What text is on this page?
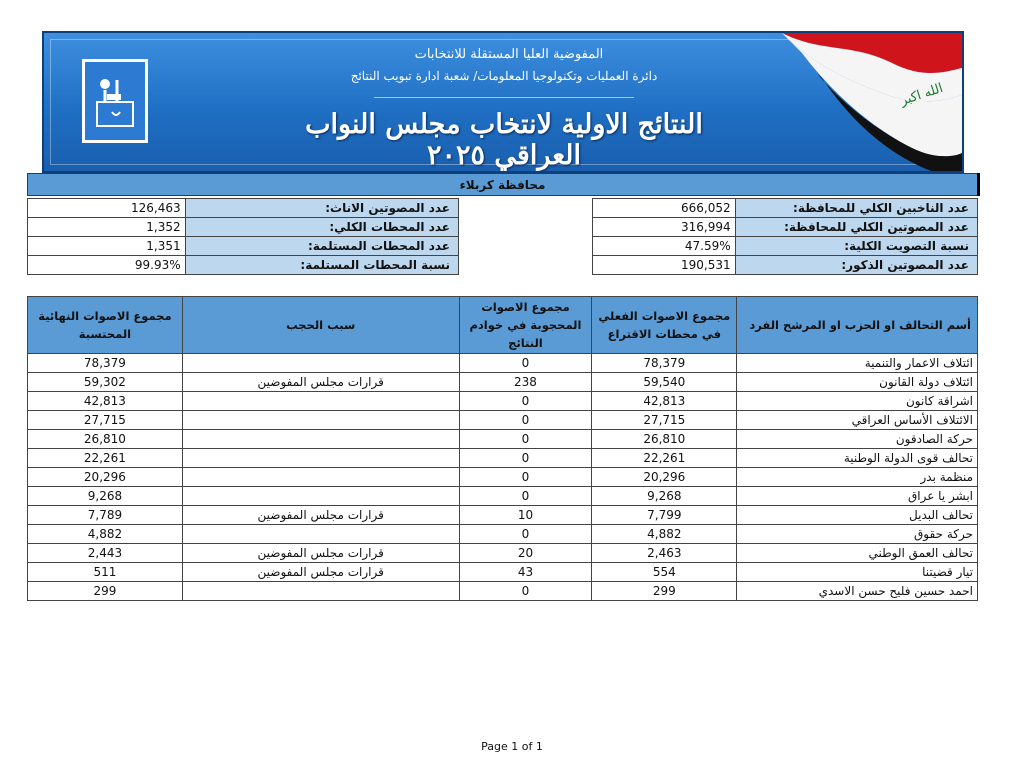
المفوضية العليا المستقلة للانتخابات
دائرة العمليات وتكنولوجيا المعلومات/ شعبة ادارة تبويب النتائج
النتائج الاولية لانتخاب مجلس النواب العراقي ٢٠٢٥
الله اكبر
محافظة كربلاء
666,052	عدد الناخبين الكلي للمحافظة:
316,994	عدد المصوتين الكلي للمحافظة:
47.59%	نسبة التصويت الكلية:
190,531	عدد المصوتين الذكور:
126,463	عدد المصوتين الاناث:
1,352	عدد المحطات الكلي:
1,351	عدد المحطات المستلمة:
99.93%	نسبة المحطات المستلمة:
مجموع الاصوات النهائية المحتسبة	سبب الحجب	مجموع الاصوات المحجوبة في خوادم النتائج	مجموع الاصوات الفعلي في محطات الاقتراع	أسم التحالف او الحزب او المرشح الفرد
78,379		0	78,379	ائتلاف الاعمار والتنمية
59,302	قرارات مجلس المفوضين	238	59,540	ائتلاف دولة القانون
42,813		0	42,813	اشراقة كانون
27,715		0	27,715	الائتلاف الأساس العراقي
26,810		0	26,810	حركة الصادقون
22,261		0	22,261	تحالف قوى الدولة الوطنية
20,296		0	20,296	منظمة بدر
9,268		0	9,268	ابشر يا عراق
7,789	قرارات مجلس المفوضين	10	7,799	تحالف البديل
4,882		0	4,882	حركة حقوق
2,443	قرارات مجلس المفوضين	20	2,463	تحالف العمق الوطني
511	قرارات مجلس المفوضين	43	554	تيار قضيتنا
299		0	299	احمد حسين فليح حسن الاسدي
Page 1 of 1
